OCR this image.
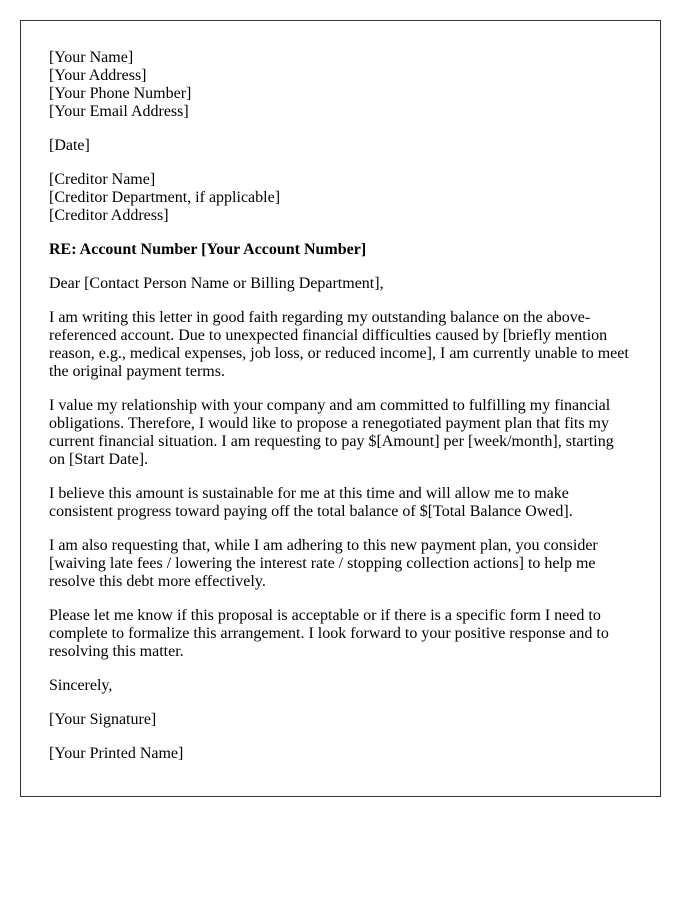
[Your Name]
[Your Address]
[Your Phone Number]
[Your Email Address]

[Date]

[Creditor Name]
[Creditor Department, if applicable]
[Creditor Address]

RE: Account Number [Your Account Number]

Dear [Contact Person Name or Billing Department],

I am writing this letter in good faith regarding my outstanding balance on the above-referenced account. Due to unexpected financial difficulties caused by [briefly mention reason, e.g., medical expenses, job loss, or reduced income], I am currently unable to meet the original payment terms.

I value my relationship with your company and am committed to fulfilling my financial obligations. Therefore, I would like to propose a renegotiated payment plan that fits my current financial situation. I am requesting to pay $[Amount] per [week/month], starting on [Start Date].

I believe this amount is sustainable for me at this time and will allow me to make consistent progress toward paying off the total balance of $[Total Balance Owed].

I am also requesting that, while I am adhering to this new payment plan, you consider [waiving late fees / lowering the interest rate / stopping collection actions] to help me resolve this debt more effectively.

Please let me know if this proposal is acceptable or if there is a specific form I need to complete to formalize this arrangement. I look forward to your positive response and to resolving this matter.

Sincerely,

[Your Signature]

[Your Printed Name]
